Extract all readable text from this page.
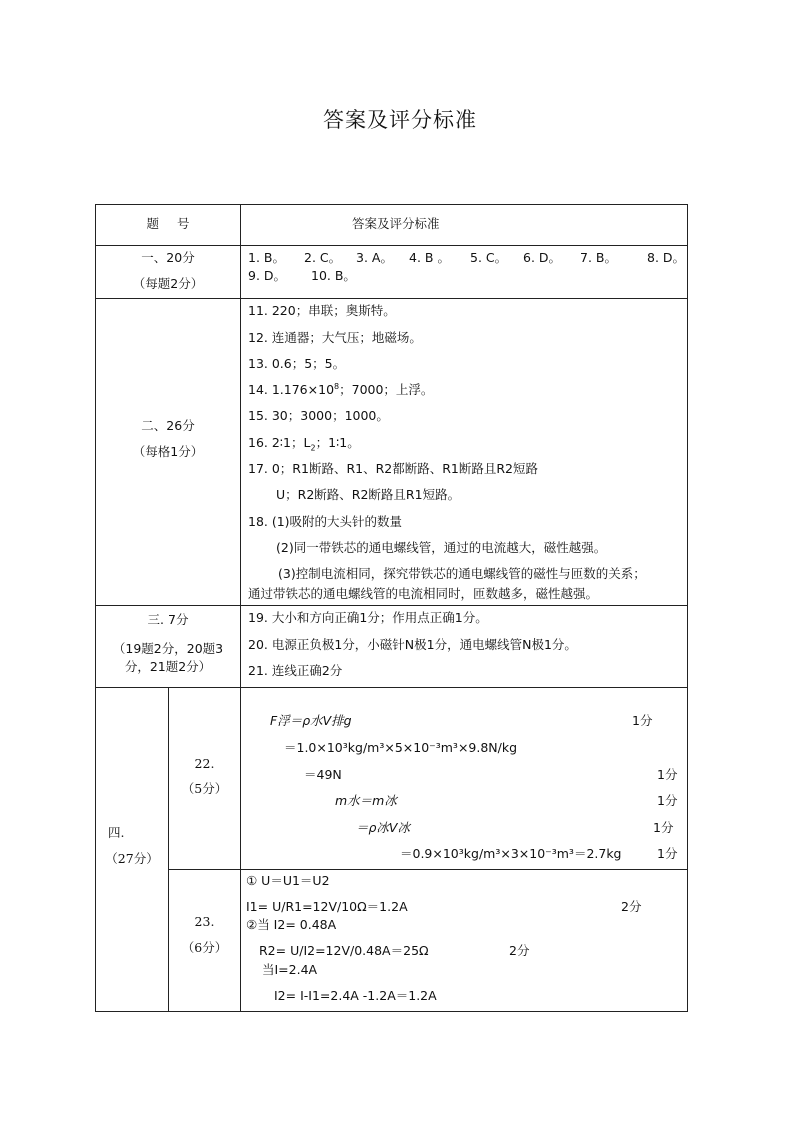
答案及评分标准
题 号	答案及评分标准
一、20分
（每题2分）
1. B。 2. C。 3. A。 4. B 。 5. C。 6. D。 7. B。 8. D。
9. D。 10. B。
二、26分
（每格1分）
11. 220；串联；奥斯特。
12. 连通器；大气压；地磁场。
13. 0.6；5；5。
14. $1.176\times 10^8$；7000；上浮。
15. 30；3000；1000。
16. 2∶1；$L_2$；1∶1。
17. 0；R1断路、R1、R2都断路、R1断路且R2短路
U；R2断路、R2断路且R1短路。
18. (1)吸附的大头针的数量
(2)同一带铁芯的通电螺线管，通过的电流越大，磁性越强。
(3)控制电流相同，探究带铁芯的通电螺线管的磁性与匝数的关系；
通过带铁芯的通电螺线管的电流相同时，匝数越多，磁性越强。
三. 7分
（19题2分，20题3
分，21题2分）
19. 大小和方向正确1分；作用点正确1分。
20. 电源正负极1分，小磁针N极1分，通电螺线管N极1分。
21. 连线正确2分
四.
（27分）
22.
（5分）
F浮＝ρ水V排g
＝1.0×10³kg/m³×5×10⁻³m³×9.8N/kg
＝49N
m水＝m冰
＝ρ冰V冰
＝0.9×10³kg/m³×3×10⁻³m³＝2.7kg
1分
1分
1分
1分
1分
23.
（6分）
① U＝U1＝U2
I1= U/R1=12V/10Ω＝1.2A
②当 I2= 0.48A
R2= U/I2=12V/0.48A＝25Ω
当I=2.4A
I2= I-I1=2.4A -1.2A＝1.2A
2分
2分
